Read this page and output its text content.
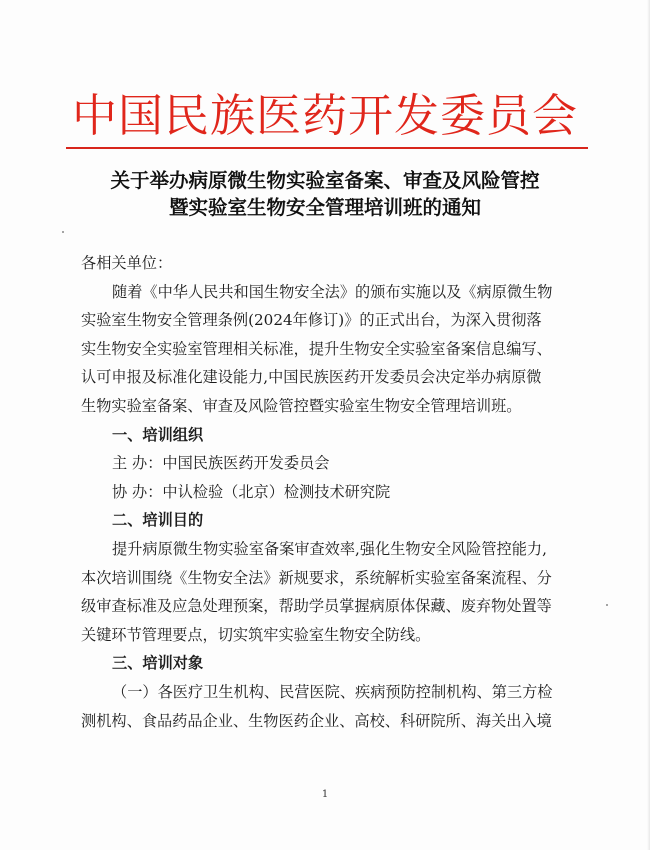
中国民族医药开发委员会
关于举办病原微生物实验室备案、审查及风险管控
暨实验室生物安全管理培训班的通知

各相关单位：

随着《中华人民共和国生物安全法》的颁布实施以及《病原微生物
实验室生物安全管理条例(2024年修订)》的正式出台，为深入贯彻落
实生物安全实验室管理相关标准，提升生物安全实验室备案信息编写、
认可申报及标准化建设能力,中国民族医药开发委员会决定举办病原微
生物实验室备案、审查及风险管控暨实验室生物安全管理培训班。

一、培训组织

主 办：中国民族医药开发委员会

协 办：中认检验（北京）检测技术研究院

二、培训目的

提升病原微生物实验室备案审查效率,强化生物安全风险管控能力,
本次培训围绕《生物安全法》新规要求，系统解析实验室备案流程、分
级审查标准及应急处理预案，帮助学员掌握病原体保藏、废弃物处置等
关键环节管理要点，切实筑牢实验室生物安全防线。

三、培训对象

（一）各医疗卫生机构、民营医院、疾病预防控制机构、第三方检
测机构、食品药品企业、生物医药企业、高校、科研院所、海关出入境

1
